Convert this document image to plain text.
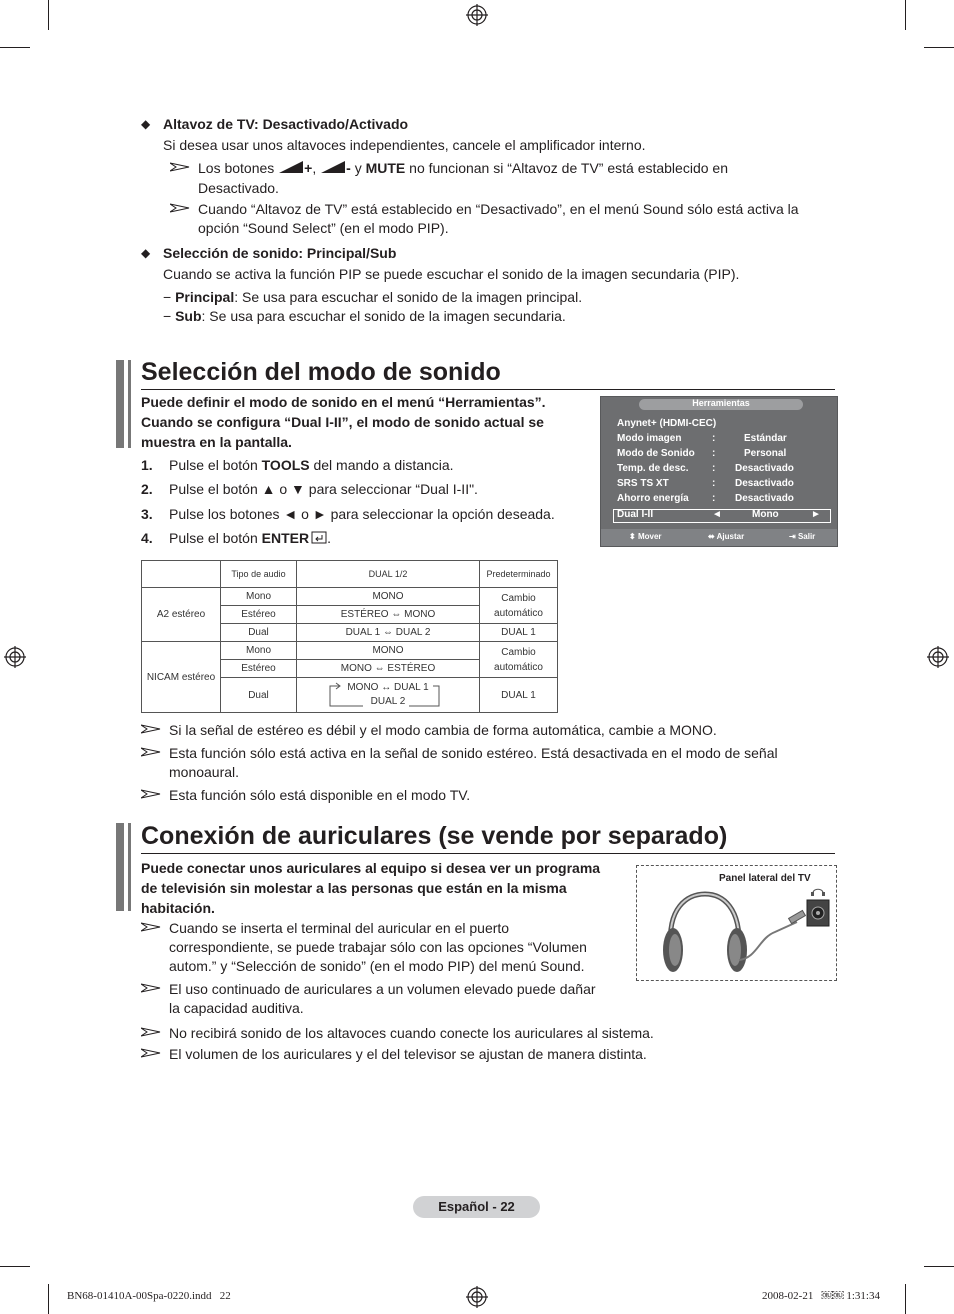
◆ Altavoz de TV: Desactivado/Activado
Si desea usar unos altavoces independientes, cancele el amplificador interno.
Los botones +, - y MUTE no funcionan si “Altavoz de TV” está establecido en
Desactivado.
Cuando “Altavoz de TV” está establecido en “Desactivado”, en el menú Sound sólo está activa la
opción “Sound Select” (en el modo PIP).
◆ Selección de sonido: Principal/Sub
Cuando se activa la función PIP se puede escuchar el sonido de la imagen secundaria (PIP).
− Principal: Se usa para escuchar el sonido de la imagen principal.
− Sub: Se usa para escuchar el sonido de la imagen secundaria.
Selección del modo de sonido
Puede definir el modo de sonido en el menú “Herramientas”.
Cuando se configura “Dual I-II”, el modo de sonido actual se
muestra en la pantalla.
1. Pulse el botón TOOLS del mando a distancia.
2. Pulse el botón ▲ o ▼ para seleccionar “Dual I-II".
3. Pulse los botones ◄ o ► para seleccionar la opción deseada.
4. Pulse el botón ENTER .
Herramientas
Anynet+ (HDMI-CEC)
Modo imagen	:	Estándar
Modo de Sonido :	Personal
Temp. de desc. : Desactivado
SRS TS XT	: Desactivado
Ahorro energía : Desactivado
Dual I-II	◄	Mono	►
⬍ Mover	⬌ Ajustar	⇥ Salir
	Tipo de audio	DUAL 1/2	Predeterminado
A2 estéreo	Mono	MONO	Cambio automático
	Estéreo	ESTÉREO ⇔ MONO	
	Dual	DUAL 1 ⇔ DUAL 2	DUAL 1
NICAM estéreo	Mono	MONO	Cambio automático
	Estéreo	MONO ⇔ ESTÉREO	
	Dual	MONO ↔ DUAL 1
DUAL 2	DUAL 1
Si la señal de estéreo es débil y el modo cambia de forma automática, cambie a MONO.
Esta función sólo está activa en la señal de sonido estéreo. Está desactivada en el modo de señal
monoaural.
Esta función sólo está disponible en el modo TV.
Conexión de auriculares (se vende por separado)
Puede conectar unos auriculares al equipo si desea ver un programa
de televisión sin molestar a las personas que están en la misma
habitación.
Cuando se inserta el terminal del auricular en el puerto
correspondiente, se puede trabajar sólo con las opciones “Volumen
autom.” y “Selección de sonido” (en el modo PIP) del menú Sound.
El uso continuado de auriculares a un volumen elevado puede dañar
la capacidad auditiva.
No recibirá sonido de los altavoces cuando conecte los auriculares al sistema.
El volumen de los auriculares y el del televisor se ajustan de manera distinta.
Panel lateral del TV
Español - 22
BN68-01410A-00Spa-0220.indd   22	2008-02-21   ￼￼ 1:31:34
